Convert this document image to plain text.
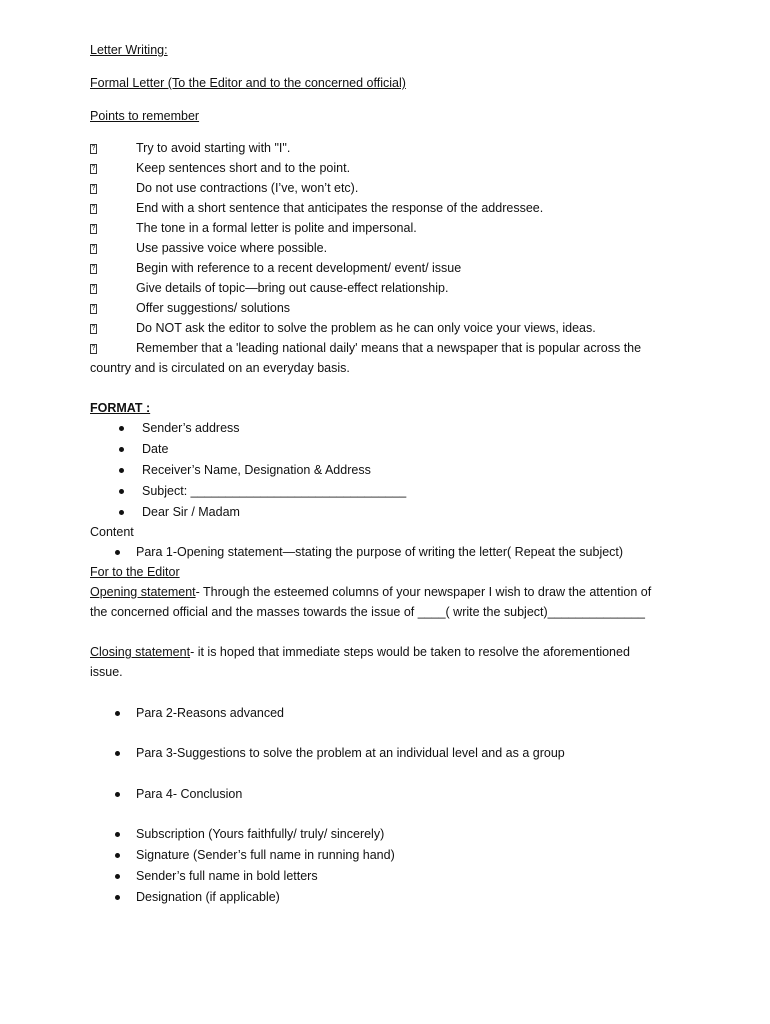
Letter Writing:
Formal Letter (To the Editor and to the concerned official)
Points to remember
?
Try to avoid starting with "I".
?
Keep sentences short and to the point.
?
Do not use contractions (I’ve, won’t etc).
?
End with a short sentence that anticipates the response of the addressee.
?
The tone in a formal letter is polite and impersonal.
?
Use passive voice where possible.
?
Begin with reference to a recent development/ event/ issue
?
Give details of topic—bring out cause-effect relationship.
?
Offer suggestions/ solutions
?
Do NOT ask the editor to solve the problem as he can only voice your views, ideas.
?
Remember that a 'leading national daily' means that a newspaper that is popular across the
country and is circulated on an everyday basis.
FORMAT :
Sender’s address
Date
Receiver’s Name, Designation & Address
Subject: _______________________________
Dear Sir / Madam
Content
Para 1-Opening statement—stating the purpose of writing the letter( Repeat the subject)
For to the Editor
Opening statement- Through the esteemed columns of your newspaper I wish to draw the attention of
the concerned official and the masses towards the issue of ____( write the subject)______________
Closing statement- it is hoped that immediate steps would be taken to resolve the aforementioned
issue.
Para 2-Reasons advanced
Para 3-Suggestions to solve the problem at an individual level and as a group
Para 4- Conclusion
Subscription (Yours faithfully/ truly/ sincerely)
Signature (Sender’s full name in running hand)
Sender’s full name in bold letters
Designation (if applicable)
